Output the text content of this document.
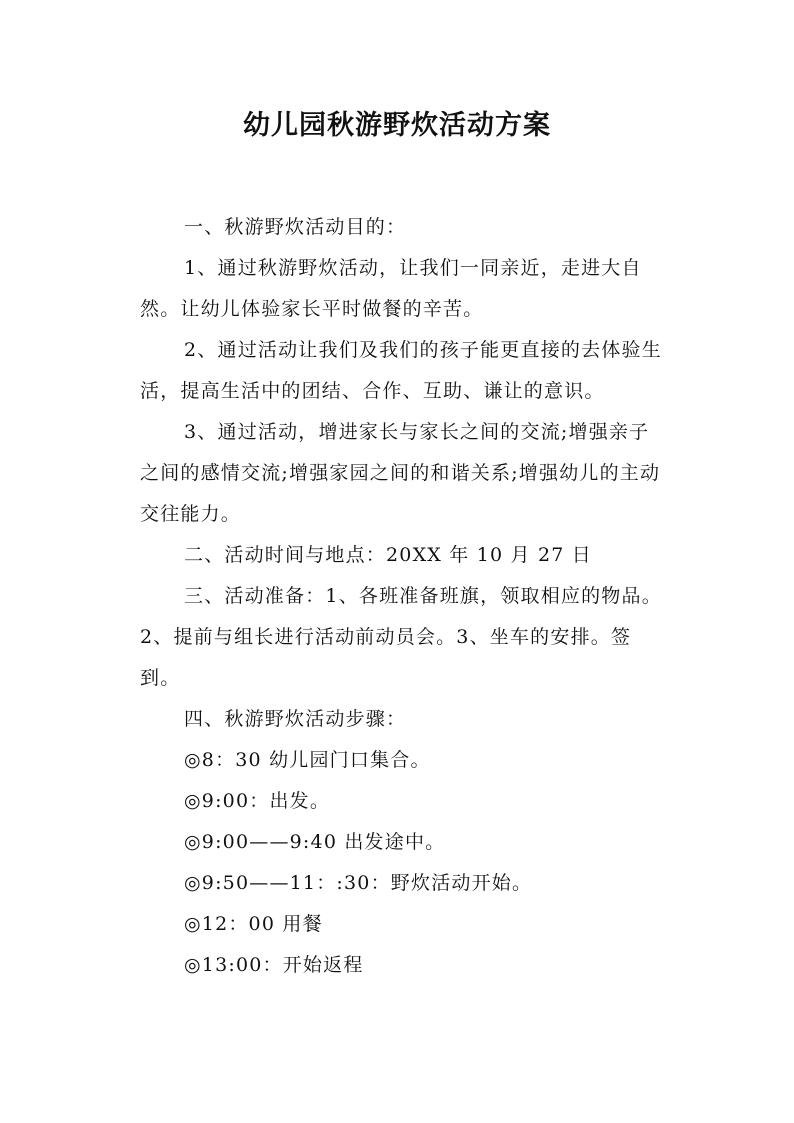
幼儿园秋游野炊活动方案

一、秋游野炊活动目的：

1、通过秋游野炊活动，让我们一同亲近，走进大自然。让幼儿体验家长平时做餐的辛苦。

2、通过活动让我们及我们的孩子能更直接的去体验生活，提高生活中的团结、合作、互助、谦让的意识。

3、通过活动，增进家长与家长之间的交流;增强亲子之间的感情交流;增强家园之间的和谐关系;增强幼儿的主动交往能力。

二、活动时间与地点：20XX 年 10 月 27 日

三、活动准备：1、各班准备班旗，领取相应的物品。2、提前与组长进行活动前动员会。3、坐车的安排。签到。

四、秋游野炊活动步骤：

◎8：30 幼儿园门口集合。

◎9:00：出发。

◎9:00——9:40 出发途中。

◎9:50——11：:30：野炊活动开始。

◎12：00 用餐

◎13:00：开始返程
